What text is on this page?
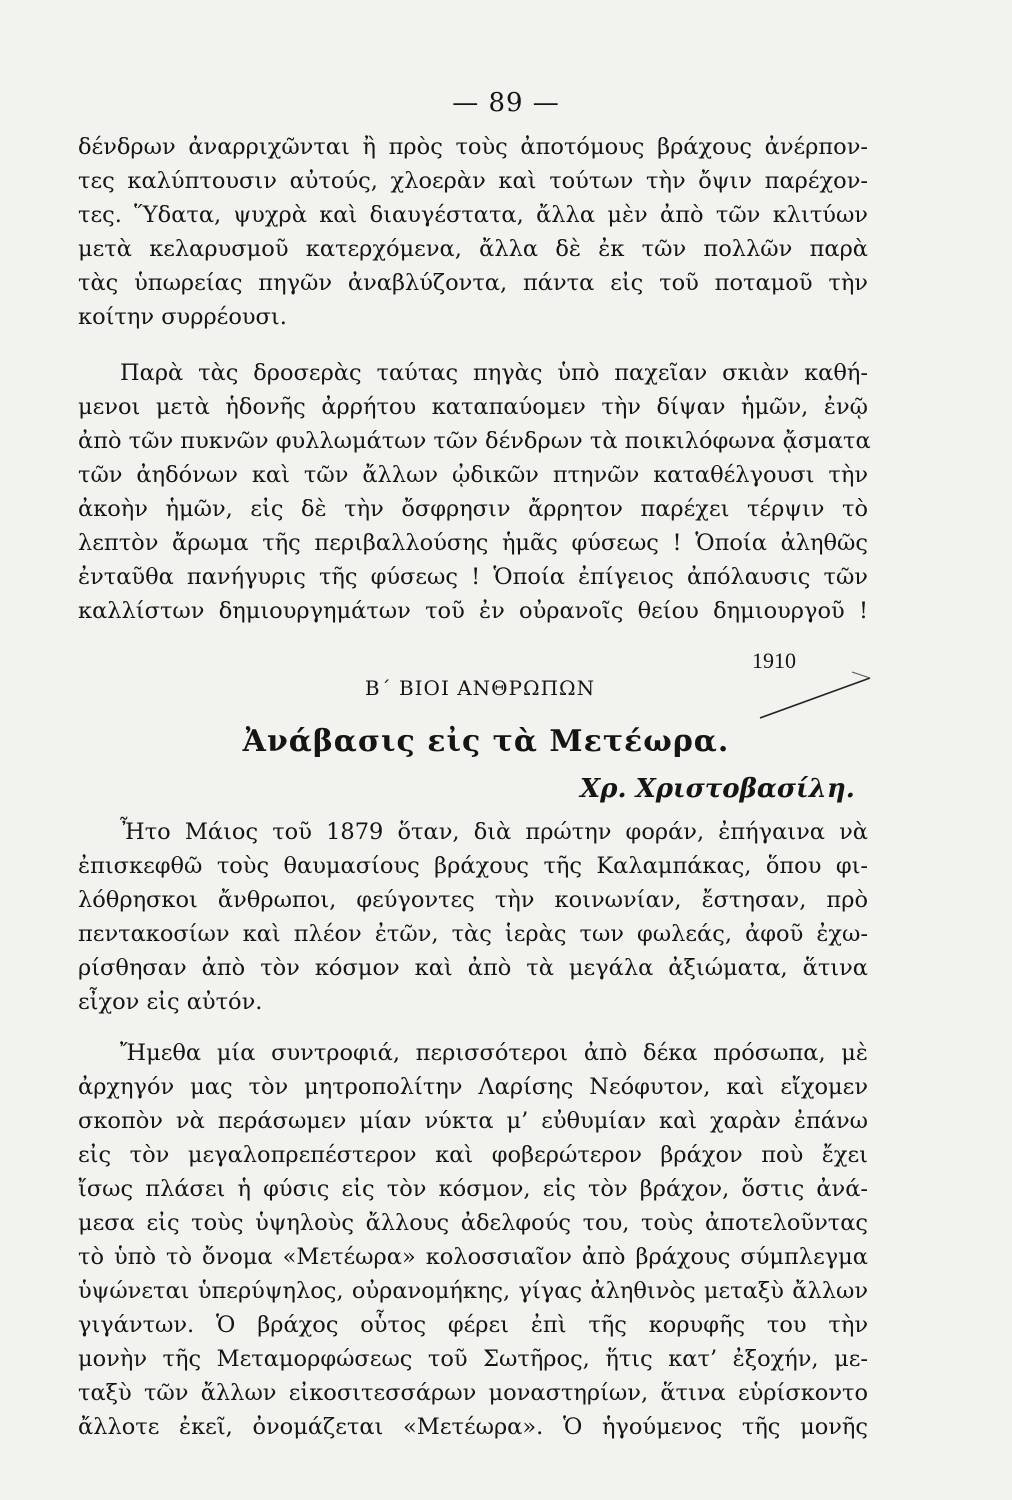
— 89 —
δένδρων ἀναρριχῶνται ἢ πρὸς τοὺς ἀποτόμους βράχους ἀνέρπον-
τες καλύπτουσιν αὐτούς, χλοερὰν καὶ τούτων τὴν ὄψιν παρέχον-
τες. Ὕδατα, ψυχρὰ καὶ διαυγέστατα, ἄλλα μὲν ἀπὸ τῶν κλιτύων
μετὰ κελαρυσμοῦ κατερχόμενα, ἄλλα δὲ ἐκ τῶν πολλῶν παρὰ
τὰς ὑπωρείας πηγῶν ἀναβλύζοντα, πάντα εἰς τοῦ ποταμοῦ τὴν
κοίτην συρρέουσι.
Παρὰ τὰς δροσερὰς ταύτας πηγὰς ὑπὸ παχεῖαν σκιὰν καθή-
μενοι μετὰ ἡδονῆς ἀρρήτου καταπαύομεν τὴν δίψαν ἡμῶν, ἐνῷ
ἀπὸ τῶν πυκνῶν φυλλωμάτων τῶν δένδρων τὰ ποικιλόφωνα ᾄσματα
τῶν ἀηδόνων καὶ τῶν ἄλλων ᾠδικῶν πτηνῶν καταθέλγουσι τὴν
ἀκοὴν ἡμῶν, εἰς δὲ τὴν ὄσφρησιν ἄρρητον παρέχει τέρψιν τὸ
λεπτὸν ἄρωμα τῆς περιβαλλούσης ἡμᾶς φύσεως ! Ὁποία ἀληθῶς
ἐνταῦθα πανήγυρις τῆς φύσεως ! Ὁποία ἐπίγειος ἀπόλαυσις τῶν
καλλίστων δημιουργημάτων τοῦ ἐν οὐρανοῖς θείου δημιουργοῦ !
1910
Β΄ ΒΙΟΙ ΑΝΘΡΩΠΩΝ
Ἀνάβασις εἰς τὰ Μετέωρα.
Χρ. Χριστοβασίλη.
Ἦτο Μάιος τοῦ 1879 ὅταν, διὰ πρώτην φοράν, ἐπήγαινα νὰ
ἐπισκεφθῶ τοὺς θαυμασίους βράχους τῆς Καλαμπάκας, ὅπου φι-
λόθρησκοι ἄνθρωποι, φεύγοντες τὴν κοινωνίαν, ἔστησαν, πρὸ
πεντακοσίων καὶ πλέον ἐτῶν, τὰς ἱερὰς των φωλεάς, ἀφοῦ ἐχω-
ρίσθησαν ἀπὸ τὸν κόσμον καὶ ἀπὸ τὰ μεγάλα ἀξιώματα, ἅτινα
εἶχον εἰς αὐτόν.
Ἤμεθα μία συντροφιά, περισσότεροι ἀπὸ δέκα πρόσωπα, μὲ
ἀρχηγόν μας τὸν μητροπολίτην Λαρίσης Νεόφυτον, καὶ εἴχομεν
σκοπὸν νὰ περάσωμεν μίαν νύκτα μ’ εὐθυμίαν καὶ χαρὰν ἐπάνω
εἰς τὸν μεγαλοπρεπέστερον καὶ φοβερώτερον βράχον ποὺ ἔχει
ἴσως πλάσει ἡ φύσις εἰς τὸν κόσμον, εἰς τὸν βράχον, ὅστις ἀνά-
μεσα εἰς τοὺς ὑψηλοὺς ἄλλους ἀδελφούς του, τοὺς ἀποτελοῦντας
τὸ ὑπὸ τὸ ὄνομα «Μετέωρα» κολοσσιαῖον ἀπὸ βράχους σύμπλεγμα
ὑψώνεται ὑπερύψηλος, οὐρανομήκης, γίγας ἀληθινὸς μεταξὺ ἄλλων
γιγάντων. Ὁ βράχος οὗτος φέρει ἐπὶ τῆς κορυφῆς του τὴν
μονὴν τῆς Μεταμορφώσεως τοῦ Σωτῆρος, ἥτις κατ’ ἐξοχήν, με-
ταξὺ τῶν ἄλλων εἰκοσιτεσσάρων μοναστηρίων, ἅτινα εὑρίσκοντο
ἄλλοτε ἐκεῖ, ὀνομάζεται «Μετέωρα». Ὁ ἡγούμενος τῆς μονῆς
